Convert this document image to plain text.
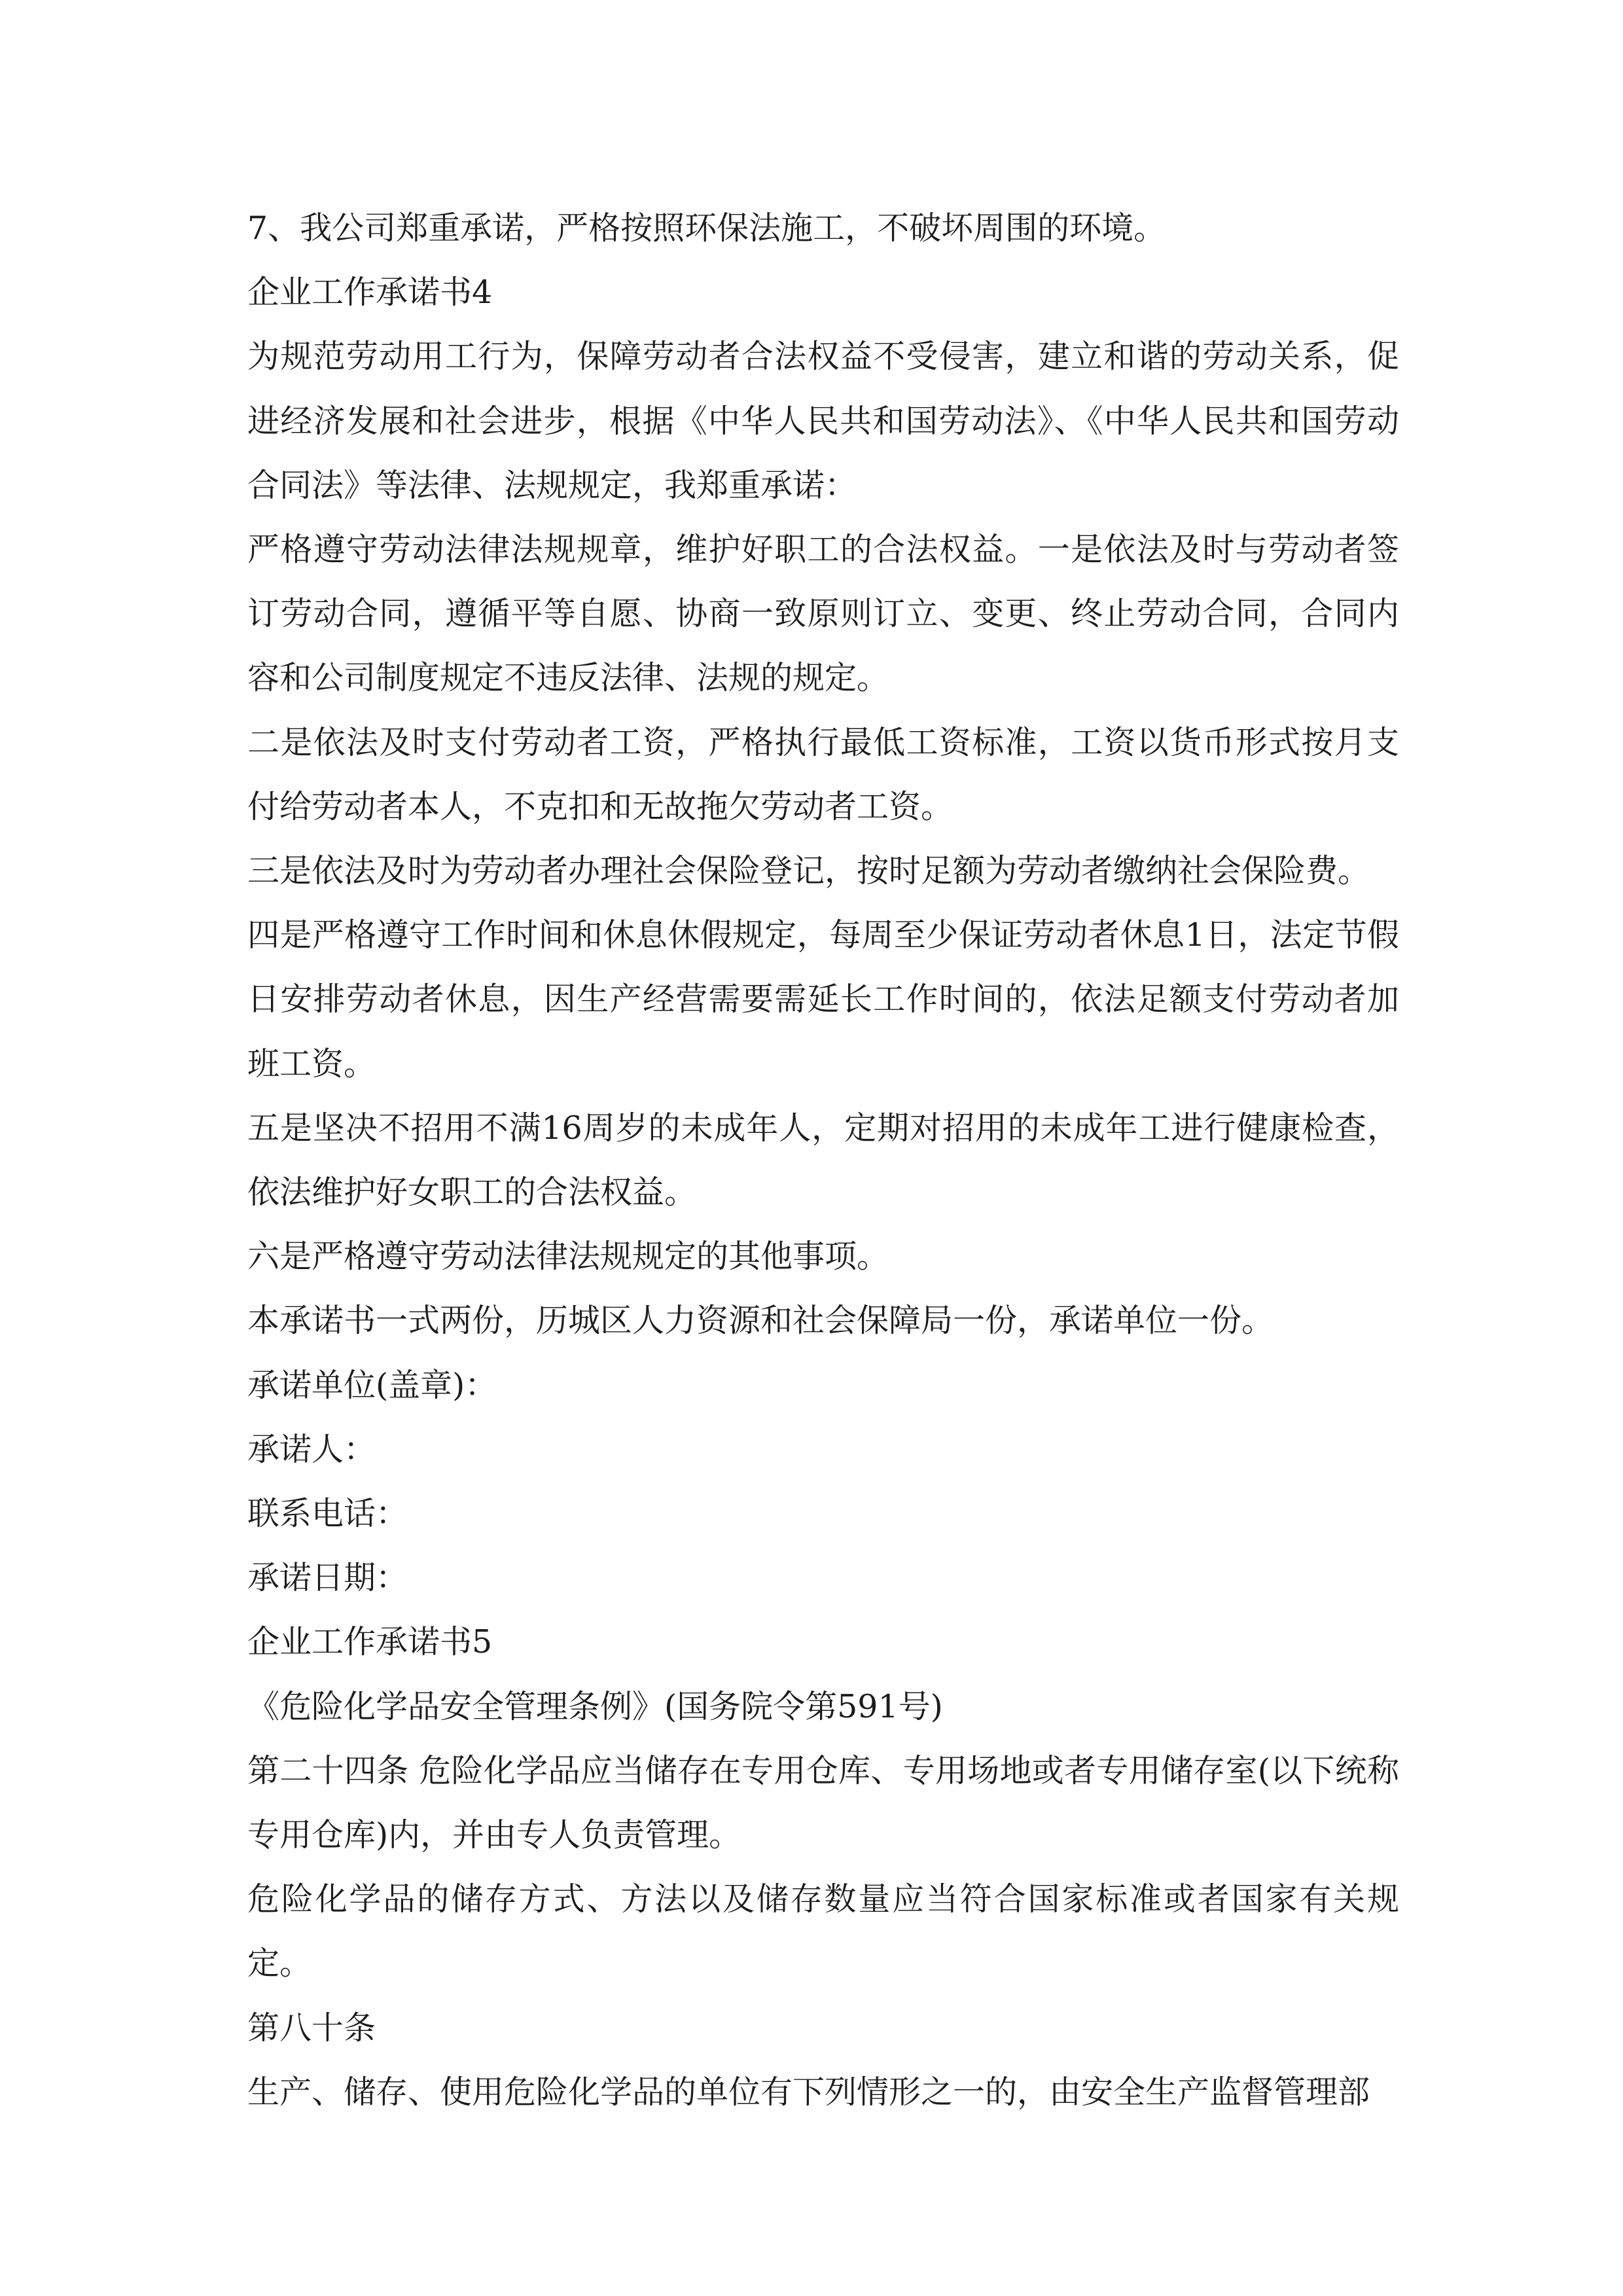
7、我公司郑重承诺，严格按照环保法施工，不破坏周围的环境。

企业工作承诺书4

为规范劳动用工行为，保障劳动者合法权益不受侵害，建立和谐的劳动关系，促进经济发展和社会进步，根据《中华人民共和国劳动法》、《中华人民共和国劳动合同法》等法律、法规规定，我郑重承诺：

严格遵守劳动法律法规规章，维护好职工的合法权益。一是依法及时与劳动者签订劳动合同，遵循平等自愿、协商一致原则订立、变更、终止劳动合同，合同内容和公司制度规定不违反法律、法规的规定。

二是依法及时支付劳动者工资，严格执行最低工资标准，工资以货币形式按月支付给劳动者本人，不克扣和无故拖欠劳动者工资。

三是依法及时为劳动者办理社会保险登记，按时足额为劳动者缴纳社会保险费。

四是严格遵守工作时间和休息休假规定，每周至少保证劳动者休息1日，法定节假日安排劳动者休息，因生产经营需要需延长工作时间的，依法足额支付劳动者加班工资。

五是坚决不招用不满16周岁的未成年人，定期对招用的未成年工进行健康检查，依法维护好女职工的合法权益。

六是严格遵守劳动法律法规规定的其他事项。

本承诺书一式两份，历城区人力资源和社会保障局一份，承诺单位一份。

承诺单位(盖章)：

承诺人：

联系电话：

承诺日期：

企业工作承诺书5

《危险化学品安全管理条例》(国务院令第591号)

第二十四条 危险化学品应当储存在专用仓库、专用场地或者专用储存室(以下统称专用仓库)内，并由专人负责管理。

危险化学品的储存方式、方法以及储存数量应当符合国家标准或者国家有关规定。

第八十条

生产、储存、使用危险化学品的单位有下列情形之一的，由安全生产监督管理部
